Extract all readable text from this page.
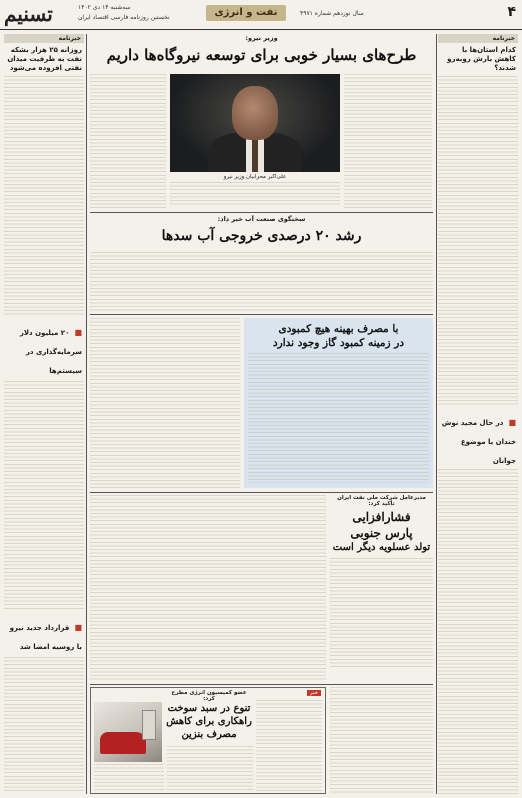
۴
سال نوزدهم شماره ۴۹۷۱
نفت و انرژی
سه‌شنبه ۱۴ دی ۱۴۰۲
نخستین روزنامه فارسی اقتصاد ایران
تسنیم
خبرنامه
کدام استان‌ها با کاهش بارش روبه‌رو شدند؟
■ در حال مجید نوش خندان با موضوع جوانان
خبرنامه
روزانه ۲۵ هزار بشکه نفت به ظرفیت میدان نفتی افزوده می‌شود
■ ۲۰ میلیون دلار سرمایه‌گذاری در سیستم‌ها
■ قرارداد جدید نیرو با روسیه امضا شد
وزیر نیرو:
طرح‌های بسیار خوبی برای توسعه نیروگاه‌ها داریم
علی‌اکبر محرابیان وزیر نیرو
سخنگوی صنعت آب خبر داد:
رشد ۲۰ درصدی خروجی آب سدها
با مصرف بهینه هیچ کمبودی
در زمینه کمبود گاز وجود ندارد
مدیرعامل شرکت ملی نفت ایران تأکید کرد:
فشارافزایی
پارس جنوبی
تولد عسلویه دیگر است
خبر
عضو کمیسیون انرژی مطرح کرد:
تنوع در سبد سوخت
راهکاری برای کاهش
مصرف بنزین
